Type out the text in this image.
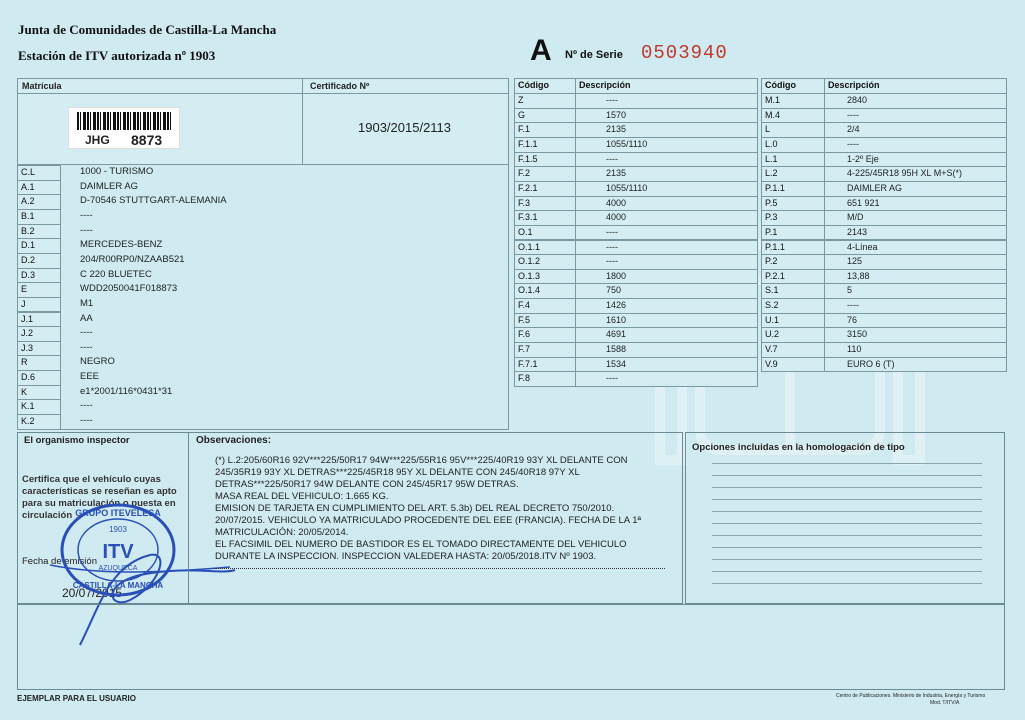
Junta de Comunidades de Castilla-La Mancha
Estación de ITV autorizada nº 1903	A Nº de Serie 0503940
Matrícula	Certificado Nº
JHG 8873
1903/2015/2113
C.L	1000 - TURISMO
A.1	DAIMLER AG
A.2	D-70546 STUTTGART-ALEMANIA
B.1	----
B.2	----
D.1	MERCEDES-BENZ
D.2	204/R00RP0/NZAAB521
D.3	C 220 BLUETEC
E	WDD2050041F018873
J	M1
J.1	AA
J.2	----
J.3	----
R	NEGRO
D.6	EEE
K	e1*2001/116*0431*31
K.1	----
K.2	----
Código	Descripción
Z	----
G	1570
F.1	2135
F.1.1	1055/1110
F.1.5	----
F.2	2135
F.2.1	1055/1110
F.3	4000
F.3.1	4000
O.1	----
O.1.1	----
O.1.2	----
O.1.3	1800
O.1.4	750
F.4	1426
F.5	1610
F.6	4691
F.7	1588
F.7.1	1534
F.8	----
Código	Descripción
M.1	2840
M.4	----
L	2/4
L.0	----
L.1	1-2º Eje
L.2	4-225/45R18 95H XL M+S(*)
P.1.1	DAIMLER AG
P.5	651 921
P.3	M/D
P.1	2143
P.1.1	4-Línea
P.2	125
P.2.1	13,88
S.1	5
S.2	----
U.1	76
U.2	3150
V.7	110
V.9	EURO 6 (T)
El organismo inspector
Certifica que el vehículo cuyas características se reseñan es apto para su matriculación o puesta en circulación
Fecha de emisión
20/07/2015
GRUPO ITEVELESA
1903
ITV
AZUQUECA
CASTILLA-LA MANCHA
Observaciones:
(*) L.2:205/60R16 92V***225/50R17 94W***225/55R16 95V***225/40R19 93Y XL DELANTE CON
245/35R19 93Y XL DETRAS***225/45R18 95Y XL DELANTE CON 245/40R18 97Y XL
DETRAS***225/50R17 94W DELANTE CON 245/45R17 95W DETRAS.
MASA REAL DEL VEHICULO: 1.665 KG.
EMISION DE TARJETA EN CUMPLIMIENTO DEL ART. 5.3b) DEL REAL DECRETO 750/2010.
20/07/2015. VEHICULO YA MATRICULADO PROCEDENTE DEL EEE (FRANCIA). FECHA DE LA 1ª
MATRICULACIÓN: 20/05/2014.
EL FACSIMIL DEL NUMERO DE BASTIDOR ES EL TOMADO DIRECTAMENTE DEL VEHICULO
DURANTE LA INSPECCION. INSPECCION VALEDERA HASTA: 20/05/2018.ITV Nº 1903.
Opciones incluidas en la homologación de tipo
EJEMPLAR PARA EL USUARIO	Centro de Publicaciones. Ministerio de Industria, Energía y Turismo
Mod. T/ITV/A
